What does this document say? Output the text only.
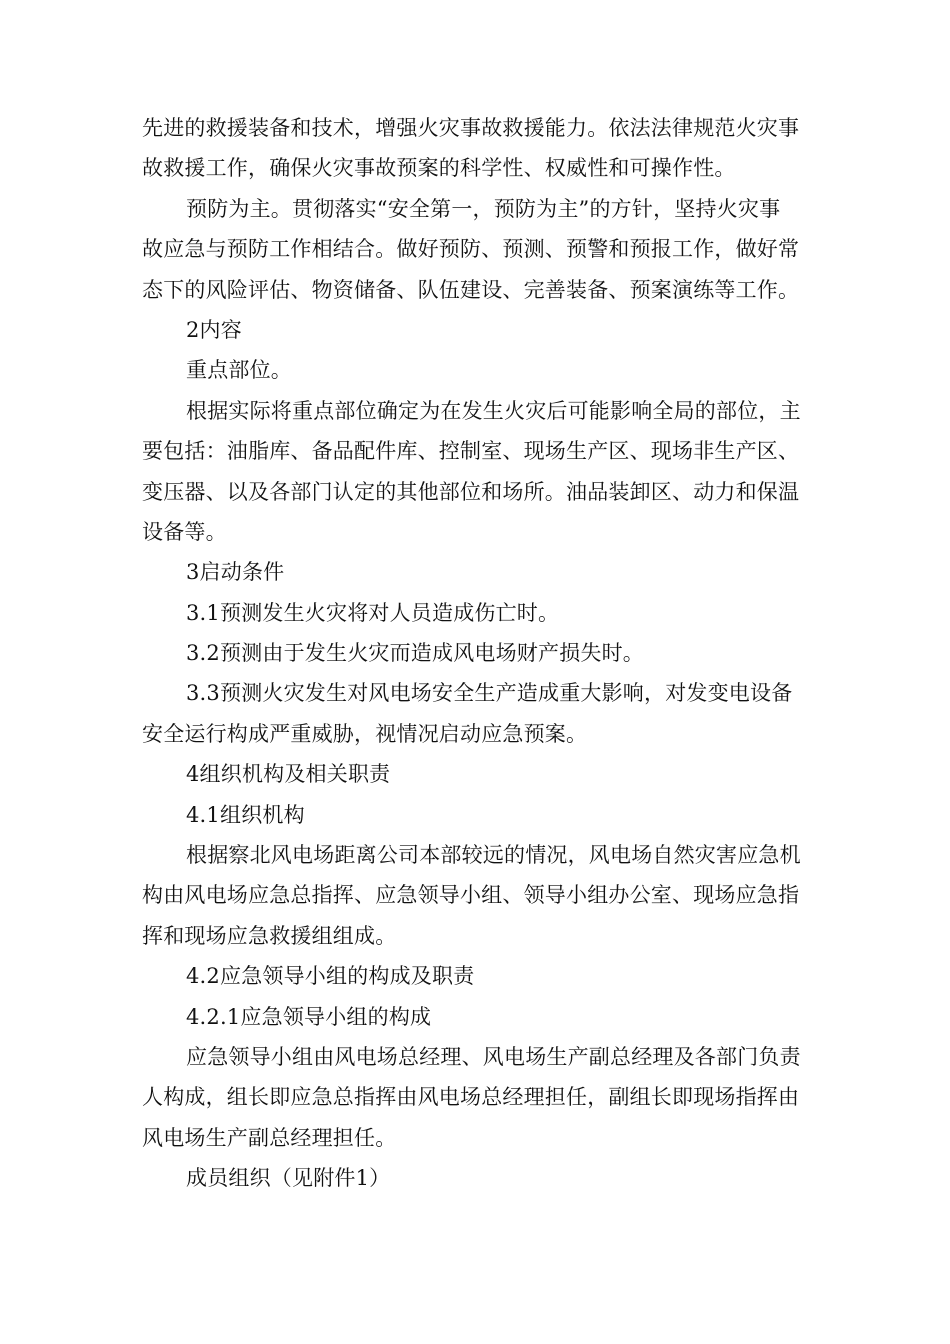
先进的救援装备和技术，增强火灾事故救援能力。依法法律规范火灾事
故救援工作，确保火灾事故预案的科学性、权威性和可操作性。
预防为主。贯彻落实“安全第一，预防为主”的方针，坚持火灾事
故应急与预防工作相结合。做好预防、预测、预警和预报工作，做好常
态下的风险评估、物资储备、队伍建设、完善装备、预案演练等工作。
2内容
重点部位。
根据实际将重点部位确定为在发生火灾后可能影响全局的部位，主
要包括：油脂库、备品配件库、控制室、现场生产区、现场非生产区、
变压器、以及各部门认定的其他部位和场所。油品装卸区、动力和保温
设备等。
3启动条件
3.1预测发生火灾将对人员造成伤亡时。
3.2预测由于发生火灾而造成风电场财产损失时。
3.3预测火灾发生对风电场安全生产造成重大影响，对发变电设备
安全运行构成严重威胁，视情况启动应急预案。
4组织机构及相关职责
4.1组织机构
根据察北风电场距离公司本部较远的情况，风电场自然灾害应急机
构由风电场应急总指挥、应急领导小组、领导小组办公室、现场应急指
挥和现场应急救援组组成。
4.2应急领导小组的构成及职责
4.2.1应急领导小组的构成
应急领导小组由风电场总经理、风电场生产副总经理及各部门负责
人构成，组长即应急总指挥由风电场总经理担任，副组长即现场指挥由
风电场生产副总经理担任。
成员组织（见附件1）
